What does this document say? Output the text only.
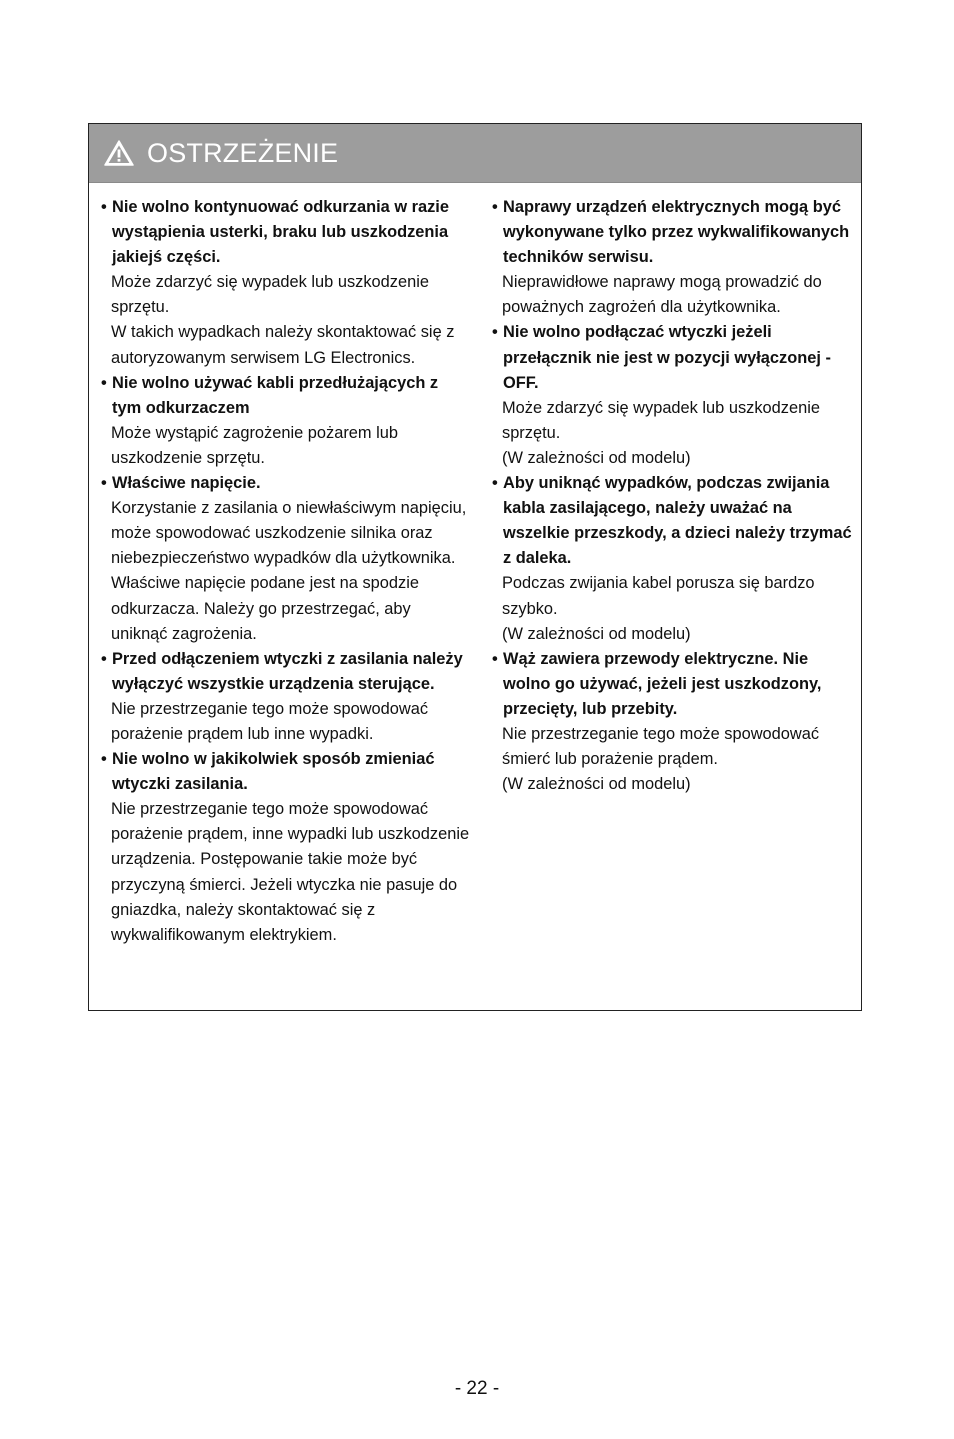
OSTRZEŻENIE
• Nie wolno kontynuować odkurzania w razie wystąpienia usterki, braku lub uszkodzenia jakiejś części.
Może zdarzyć się wypadek lub uszkodzenie sprzętu.
W takich wypadkach należy skontaktować się z autoryzowanym serwisem LG Electronics.
• Nie wolno używać kabli przedłużających z tym odkurzaczem
Może wystąpić zagrożenie pożarem lub uszkodzenie sprzętu.
• Właściwe napięcie.
Korzystanie z zasilania o niewłaściwym napięciu, może spowodować uszkodzenie silnika oraz niebezpieczeństwo wypadków dla użytkownika. Właściwe napięcie podane jest na spodzie odkurzacza. Należy go przestrzegać, aby uniknąć zagrożenia.
• Przed odłączeniem wtyczki z zasilania należy wyłączyć wszystkie urządzenia sterujące.
Nie przestrzeganie tego może spowodować porażenie prądem lub inne wypadki.
• Nie wolno w jakikolwiek sposób zmieniać wtyczki zasilania.
Nie przestrzeganie tego może spowodować porażenie prądem, inne wypadki lub uszkodzenie urządzenia. Postępowanie takie może być przyczyną śmierci. Jeżeli wtyczka nie pasuje do gniazdka, należy skontaktować się z wykwalifikowanym elektrykiem.
• Naprawy urządzeń elektrycznych mogą być wykonywane tylko przez wykwalifikowanych techników serwisu.
Nieprawidłowe naprawy mogą prowadzić do poważnych zagrożeń dla użytkownika.
• Nie wolno podłączać wtyczki jeżeli przełącznik nie jest w pozycji wyłączonej - OFF.
Może zdarzyć się wypadek lub uszkodzenie sprzętu.
(W zależności od modelu)
• Aby uniknąć wypadków, podczas zwijania kabla zasilającego, należy uważać na wszelkie przeszkody, a dzieci należy trzymać z daleka.
Podczas zwijania kabel porusza się bardzo szybko.
(W zależności od modelu)
• Wąż zawiera przewody elektryczne. Nie wolno go używać, jeżeli jest uszkodzony, przecięty, lub przebity.
Nie przestrzeganie tego może spowodować śmierć lub porażenie prądem.
(W zależności od modelu)
- 22 -
